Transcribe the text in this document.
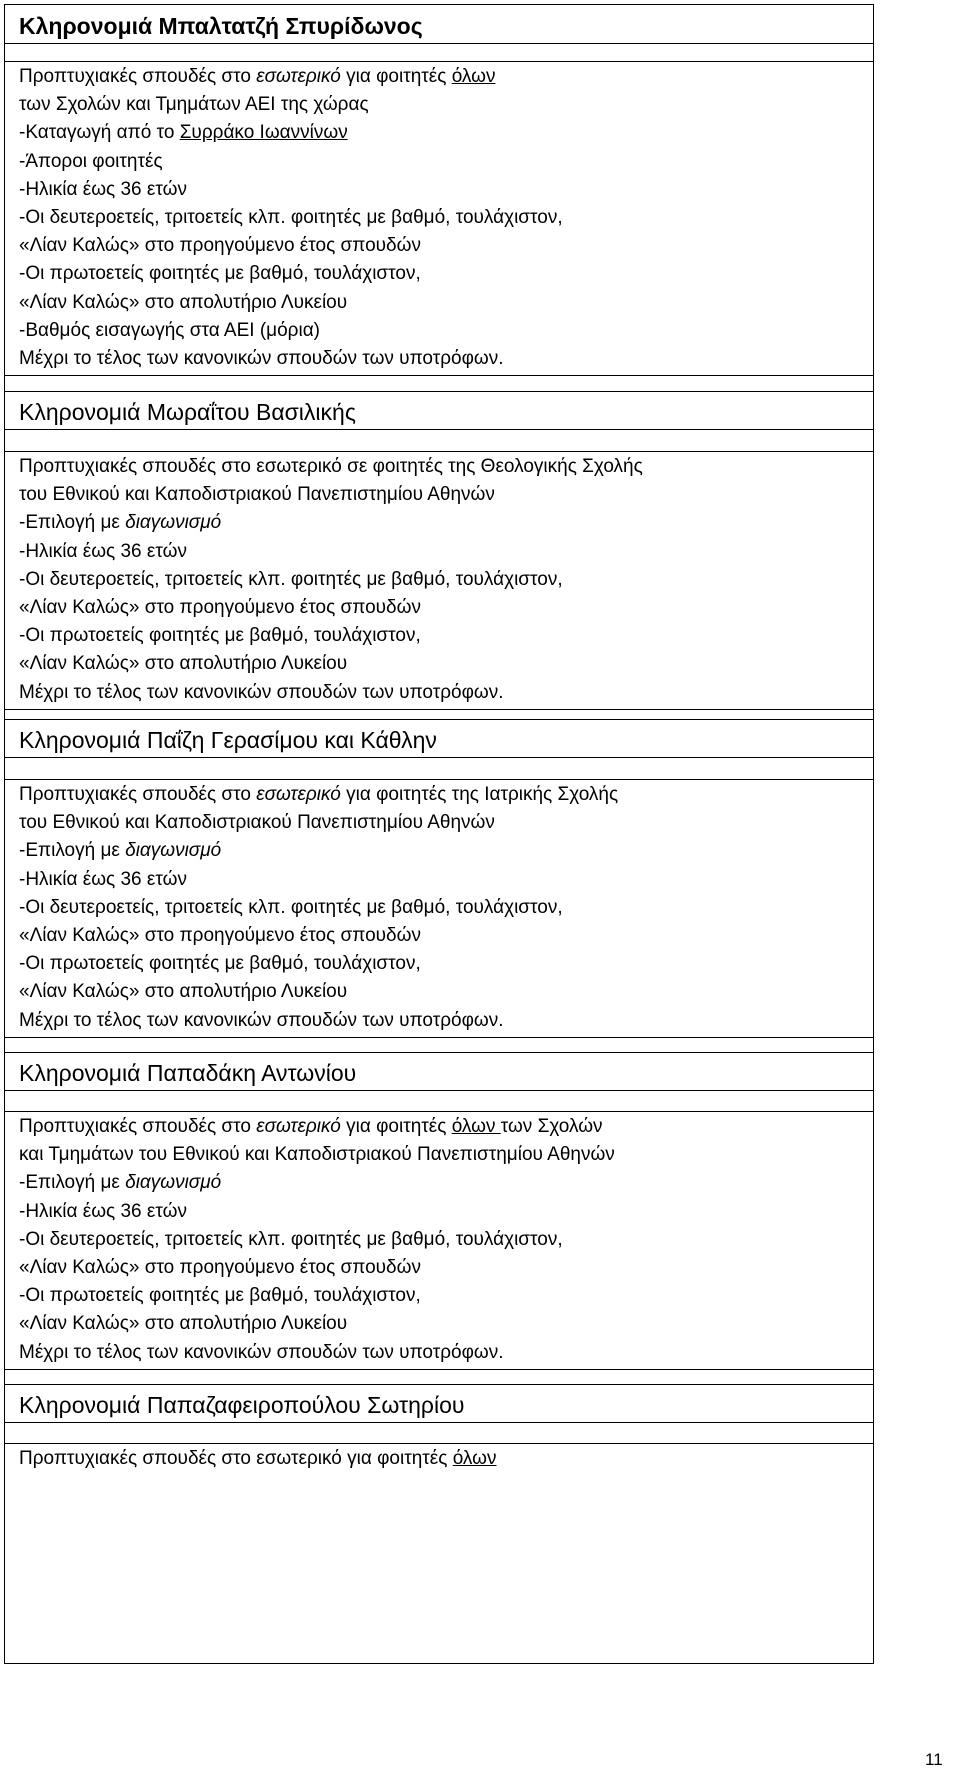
Κληρονομιά Μπαλτατζή Σπυρίδωνος
Προπτυχιακές σπουδές στο εσωτερικό για φοιτητές όλων
των Σχολών και Τμημάτων ΑΕΙ της χώρας
-Καταγωγή από το Συρράκο Ιωαννίνων
-Άποροι φοιτητές
-Ηλικία έως 36 ετών
-Οι δευτεροετείς, τριτοετείς κλπ. φοιτητές με βαθμό, τουλάχιστον,
«Λίαν Καλώς» στο προηγούμενο έτος σπουδών
-Οι πρωτοετείς φοιτητές με βαθμό, τουλάχιστον,
«Λίαν Καλώς» στο απολυτήριο Λυκείου
-Βαθμός εισαγωγής στα ΑΕΙ (μόρια)
Μέχρι το τέλος των κανονικών σπουδών των υποτρόφων.
Κληρονομιά Μωραΐτου Βασιλικής
Προπτυχιακές σπουδές στο εσωτερικό σε φοιτητές της Θεολογικής Σχολής
του Εθνικού και Καποδιστριακού Πανεπιστημίου Αθηνών
-Επιλογή με διαγωνισμό
-Ηλικία έως 36 ετών
-Οι δευτεροετείς, τριτοετείς κλπ. φοιτητές με βαθμό, τουλάχιστον,
«Λίαν Καλώς» στο προηγούμενο έτος σπουδών
-Οι πρωτοετείς φοιτητές με βαθμό, τουλάχιστον,
«Λίαν Καλώς» στο απολυτήριο Λυκείου
Μέχρι το τέλος των κανονικών σπουδών των υποτρόφων.
Κληρονομιά Παΐζη Γερασίμου και Κάθλην
Προπτυχιακές σπουδές στο εσωτερικό για φοιτητές της Ιατρικής Σχολής
του Εθνικού και Καποδιστριακού Πανεπιστημίου Αθηνών
-Επιλογή με διαγωνισμό
-Ηλικία έως 36 ετών
-Οι δευτεροετείς, τριτοετείς κλπ. φοιτητές με βαθμό, τουλάχιστον,
«Λίαν Καλώς» στο προηγούμενο έτος σπουδών
-Οι πρωτοετείς φοιτητές με βαθμό, τουλάχιστον,
«Λίαν Καλώς» στο απολυτήριο Λυκείου
Μέχρι το τέλος των κανονικών σπουδών των υποτρόφων.
Κληρονομιά Παπαδάκη Αντωνίου
Προπτυχιακές σπουδές στο εσωτερικό για φοιτητές όλων των Σχολών
και Τμημάτων του Εθνικού και Καποδιστριακού Πανεπιστημίου Αθηνών
-Επιλογή με διαγωνισμό
-Ηλικία έως 36 ετών
-Οι δευτεροετείς, τριτοετείς κλπ. φοιτητές με βαθμό, τουλάχιστον,
«Λίαν Καλώς» στο προηγούμενο έτος σπουδών
-Οι πρωτοετείς φοιτητές με βαθμό, τουλάχιστον,
«Λίαν Καλώς» στο απολυτήριο Λυκείου
Μέχρι το τέλος των κανονικών σπουδών των υποτρόφων.
Κληρονομιά Παπαζαφειροπούλου Σωτηρίου
Προπτυχιακές σπουδές στο εσωτερικό για φοιτητές όλων
11
